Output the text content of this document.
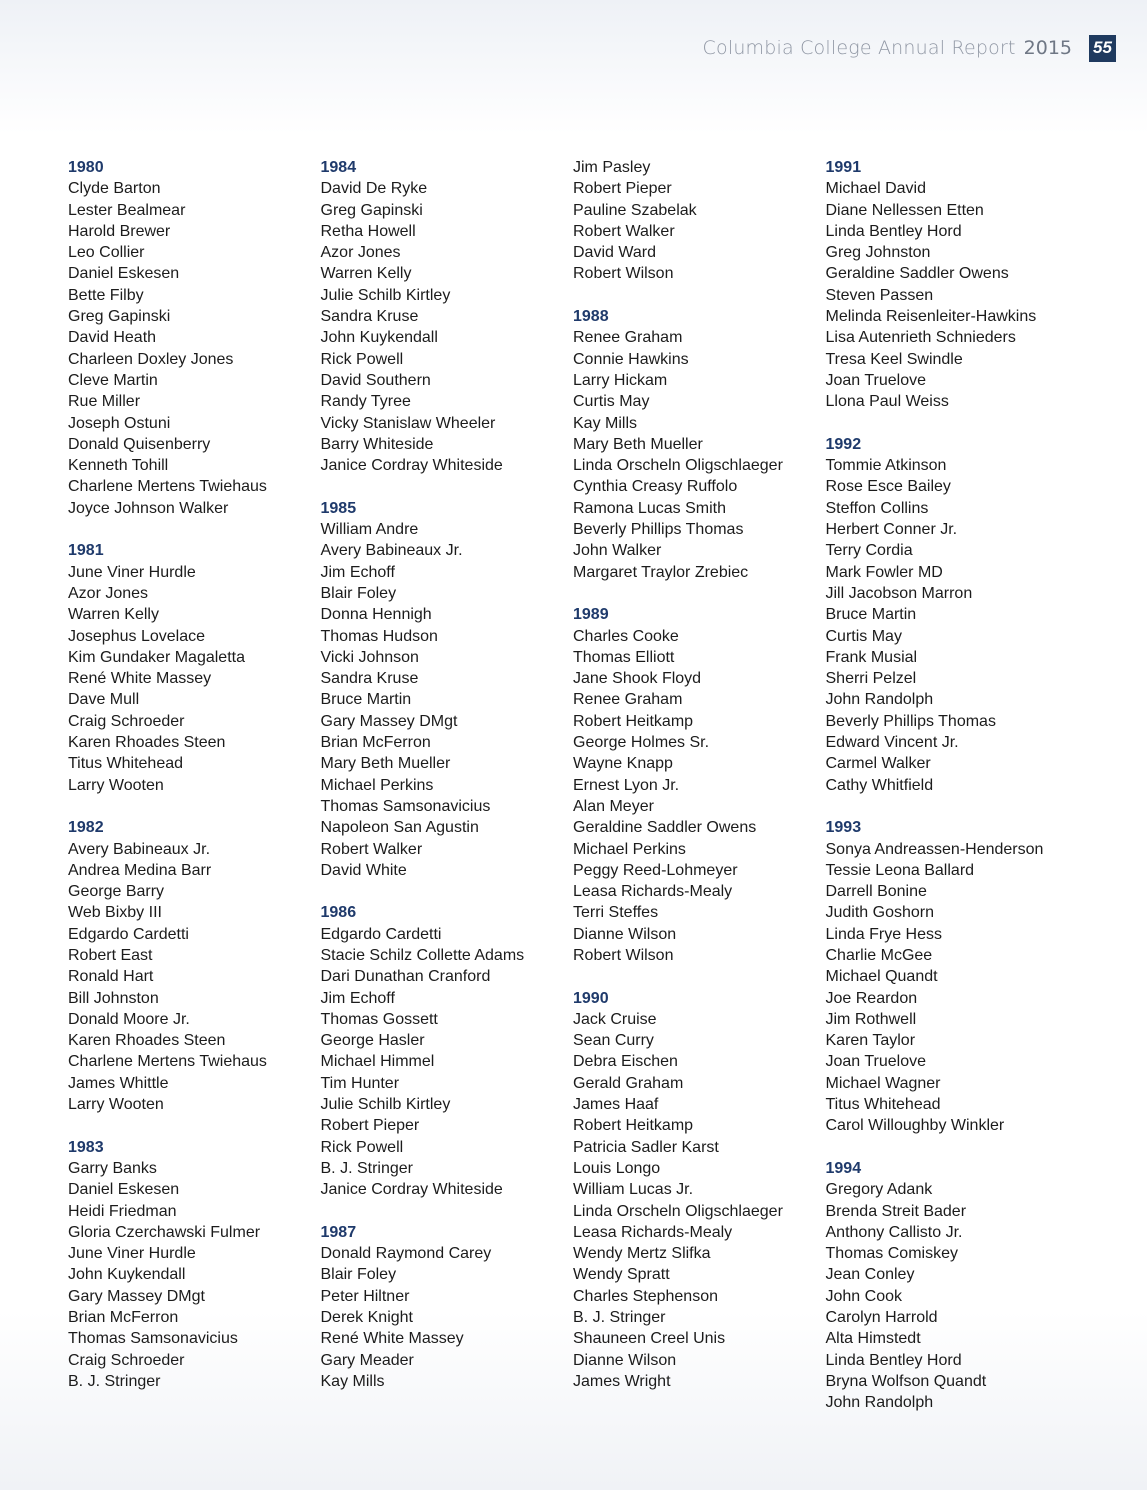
Columbia College Annual Report 2015 55
1980
Clyde Barton
Lester Bealmear
Harold Brewer
Leo Collier
Daniel Eskesen
Bette Filby
Greg Gapinski
David Heath
Charleen Doxley Jones
Cleve Martin
Rue Miller
Joseph Ostuni
Donald Quisenberry
Kenneth Tohill
Charlene Mertens Twiehaus
Joyce Johnson Walker
1981
June Viner Hurdle
Azor Jones
Warren Kelly
Josephus Lovelace
Kim Gundaker Magaletta
René White Massey
Dave Mull
Craig Schroeder
Karen Rhoades Steen
Titus Whitehead
Larry Wooten
1982
Avery Babineaux Jr.
Andrea Medina Barr
George Barry
Web Bixby III
Edgardo Cardetti
Robert East
Ronald Hart
Bill Johnston
Donald Moore Jr.
Karen Rhoades Steen
Charlene Mertens Twiehaus
James Whittle
Larry Wooten
1983
Garry Banks
Daniel Eskesen
Heidi Friedman
Gloria Czerchawski Fulmer
June Viner Hurdle
John Kuykendall
Gary Massey DMgt
Brian McFerron
Thomas Samsonavicius
Craig Schroeder
B. J. Stringer
1984
David De Ryke
Greg Gapinski
Retha Howell
Azor Jones
Warren Kelly
Julie Schilb Kirtley
Sandra Kruse
John Kuykendall
Rick Powell
David Southern
Randy Tyree
Vicky Stanislaw Wheeler
Barry Whiteside
Janice Cordray Whiteside
1985
William Andre
Avery Babineaux Jr.
Jim Echoff
Blair Foley
Donna Hennigh
Thomas Hudson
Vicki Johnson
Sandra Kruse
Bruce Martin
Gary Massey DMgt
Brian McFerron
Mary Beth Mueller
Michael Perkins
Thomas Samsonavicius
Napoleon San Agustin
Robert Walker
David White
1986
Edgardo Cardetti
Stacie Schilz Collette Adams
Dari Dunathan Cranford
Jim Echoff
Thomas Gossett
George Hasler
Michael Himmel
Tim Hunter
Julie Schilb Kirtley
Robert Pieper
Rick Powell
B. J. Stringer
Janice Cordray Whiteside
1987
Donald Raymond Carey
Blair Foley
Peter Hiltner
Derek Knight
René White Massey
Gary Meader
Kay Mills
Jim Pasley
Robert Pieper
Pauline Szabelak
Robert Walker
David Ward
Robert Wilson
1988
Renee Graham
Connie Hawkins
Larry Hickam
Curtis May
Kay Mills
Mary Beth Mueller
Linda Orscheln Oligschlaeger
Cynthia Creasy Ruffolo
Ramona Lucas Smith
Beverly Phillips Thomas
John Walker
Margaret Traylor Zrebiec
1989
Charles Cooke
Thomas Elliott
Jane Shook Floyd
Renee Graham
Robert Heitkamp
George Holmes Sr.
Wayne Knapp
Ernest Lyon Jr.
Alan Meyer
Geraldine Saddler Owens
Michael Perkins
Peggy Reed-Lohmeyer
Leasa Richards-Mealy
Terri Steffes
Dianne Wilson
Robert Wilson
1990
Jack Cruise
Sean Curry
Debra Eischen
Gerald Graham
James Haaf
Robert Heitkamp
Patricia Sadler Karst
Louis Longo
William Lucas Jr.
Linda Orscheln Oligschlaeger
Leasa Richards-Mealy
Wendy Mertz Slifka
Wendy Spratt
Charles Stephenson
B. J. Stringer
Shauneen Creel Unis
Dianne Wilson
James Wright
1991
Michael David
Diane Nellessen Etten
Linda Bentley Hord
Greg Johnston
Geraldine Saddler Owens
Steven Passen
Melinda Reisenleiter-Hawkins
Lisa Autenrieth Schnieders
Tresa Keel Swindle
Joan Truelove
Llona Paul Weiss
1992
Tommie Atkinson
Rose Esce Bailey
Steffon Collins
Herbert Conner Jr.
Terry Cordia
Mark Fowler MD
Jill Jacobson Marron
Bruce Martin
Curtis May
Frank Musial
Sherri Pelzel
John Randolph
Beverly Phillips Thomas
Edward Vincent Jr.
Carmel Walker
Cathy Whitfield
1993
Sonya Andreassen-Henderson
Tessie Leona Ballard
Darrell Bonine
Judith Goshorn
Linda Frye Hess
Charlie McGee
Michael Quandt
Joe Reardon
Jim Rothwell
Karen Taylor
Joan Truelove
Michael Wagner
Titus Whitehead
Carol Willoughby Winkler
1994
Gregory Adank
Brenda Streit Bader
Anthony Callisto Jr.
Thomas Comiskey
Jean Conley
John Cook
Carolyn Harrold
Alta Himstedt
Linda Bentley Hord
Bryna Wolfson Quandt
John Randolph
